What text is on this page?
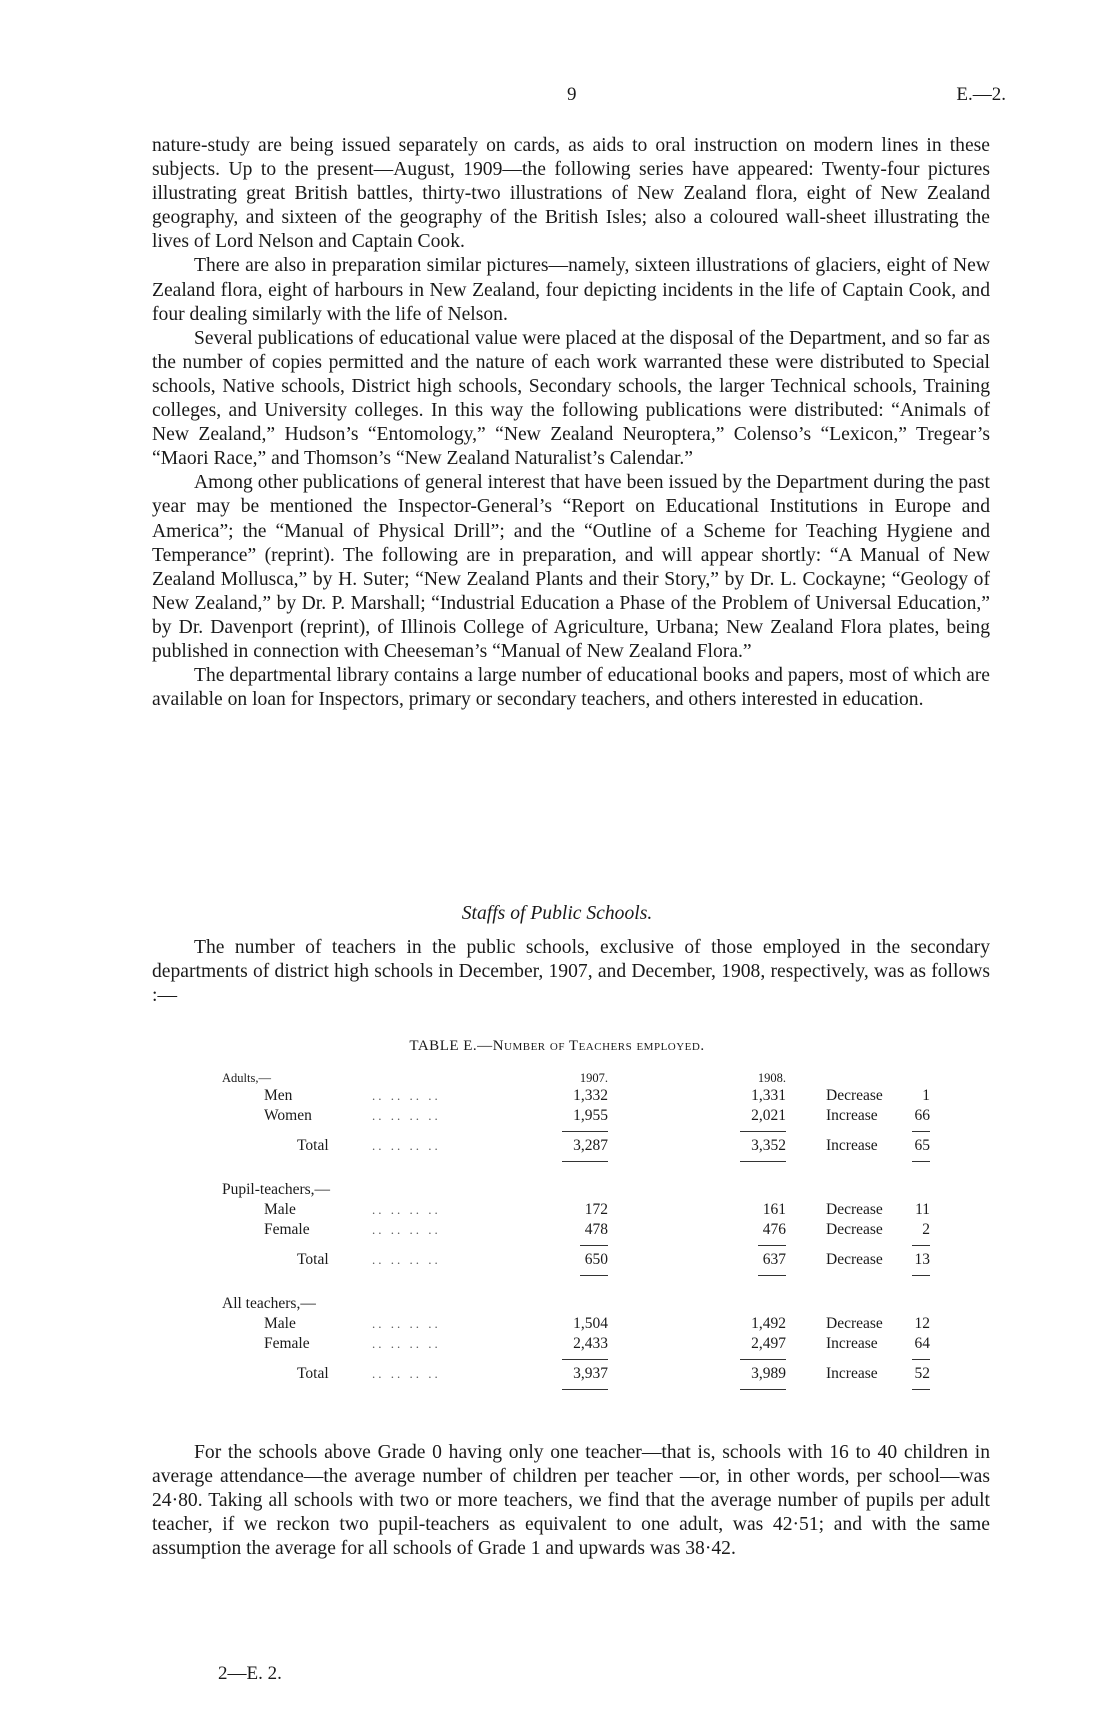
9	E.—2.

nature-study are being issued separately on cards, as aids to oral instruction on modern lines in these subjects. Up to the present—August, 1909—the following series have appeared: Twenty-four pictures illustrating great British battles, thirty-two illustrations of New Zealand flora, eight of New Zealand geography, and sixteen of the geography of the British Isles; also a coloured wall-sheet illustrating the lives of Lord Nelson and Captain Cook.

There are also in preparation similar pictures—namely, sixteen illustrations of glaciers, eight of New Zealand flora, eight of harbours in New Zealand, four depicting incidents in the life of Captain Cook, and four dealing similarly with the life of Nelson.

Several publications of educational value were placed at the disposal of the Department, and so far as the number of copies permitted and the nature of each work warranted these were distributed to Special schools, Native schools, District high schools, Secondary schools, the larger Technical schools, Training colleges, and University colleges. In this way the following publications were distributed: “Animals of New Zealand,” Hudson’s “Entomology,” “New Zealand Neuroptera,” Colenso’s “Lexicon,” Tregear’s “Maori Race,” and Thomson’s “New Zealand Naturalist’s Calendar.”

Among other publications of general interest that have been issued by the Department during the past year may be mentioned the Inspector-General’s “Report on Educational Institutions in Europe and America”; the “Manual of Physical Drill”; and the “Outline of a Scheme for Teaching Hygiene and Temperance” (reprint). The following are in preparation, and will appear shortly: “A Manual of New Zealand Mollusca,” by H. Suter; “New Zealand Plants and their Story,” by Dr. L. Cockayne; “Geology of New Zealand,” by Dr. P. Marshall; “Industrial Education a Phase of the Problem of Universal Education,” by Dr. Davenport (reprint), of Illinois College of Agriculture, Urbana; New Zealand Flora plates, being published in connection with Cheeseman’s “Manual of New Zealand Flora.”

The departmental library contains a large number of educational books and papers, most of which are available on loan for Inspectors, primary or secondary teachers, and others interested in education.

Staffs of Public Schools.

The number of teachers in the public schools, exclusive of those employed in the secondary departments of district high schools in December, 1907, and December, 1908, respectively, was as follows :—

TABLE E.—Number of Teachers employed.
Adults,—		1907.		1908.			
Men	.. .. .. ..	1,332		1,331		Decrease	1
Women	.. .. .. ..	1,955		2,021		Increase	66

Total	.. .. .. ..	3,287		3,352		Increase	65

Pupil-teachers,—							
Male	.. .. .. ..	172		161		Decrease	11
Female	.. .. .. ..	478		476		Decrease	2

Total	.. .. .. ..	650		637		Decrease	13

All teachers,—							
Male	.. .. .. ..	1,504		1,492		Decrease	12
Female	.. .. .. ..	2,433		2,497		Increase	64

Total	.. .. .. ..	3,937		3,989		Increase	52

For the schools above Grade 0 having only one teacher—that is, schools with 16 to 40 children in average attendance—the average number of children per teacher —or, in other words, per school—was 24·80. Taking all schools with two or more teachers, we find that the average number of pupils per adult teacher, if we reckon two pupil-teachers as equivalent to one adult, was 42·51; and with the same assumption the average for all schools of Grade 1 and upwards was 38·42.

2—E. 2.
